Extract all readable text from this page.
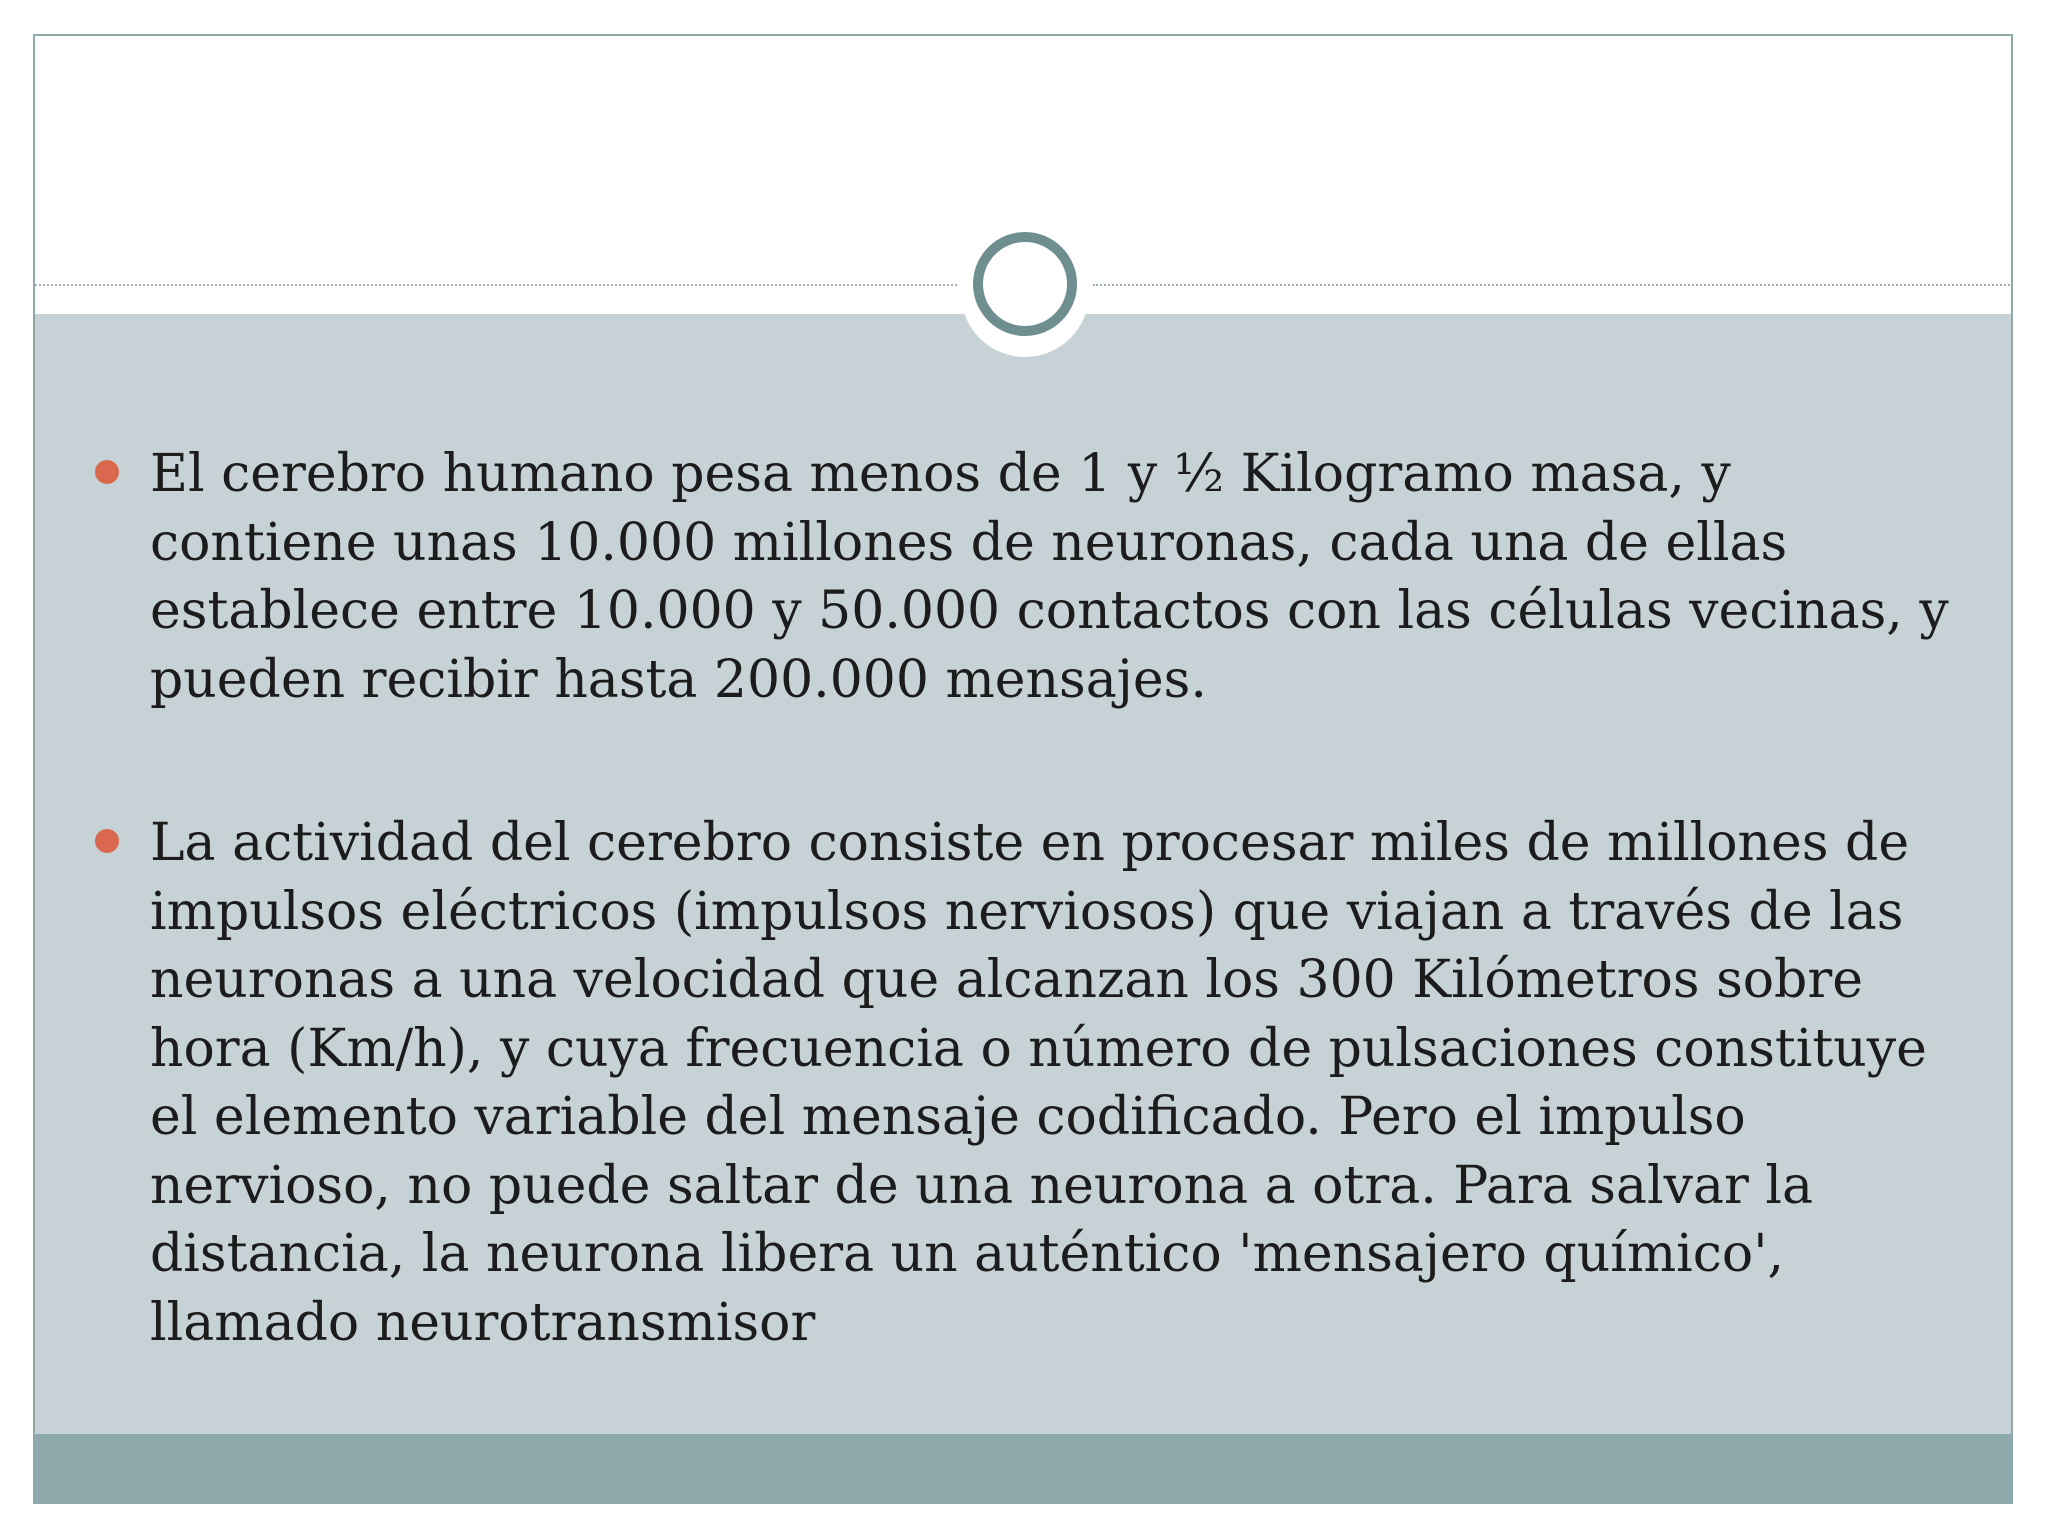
El cerebro humano pesa menos de 1 y ½ Kilogramo masa, y contiene unas 10.000 millones de neuronas, cada una de ellas establece entre 10.000 y 50.000 contactos con las células vecinas, y pueden recibir hasta 200.000 mensajes.

La actividad del cerebro consiste en procesar miles de millones de impulsos eléctricos (impulsos nerviosos) que viajan a través de las neuronas a una velocidad que alcanzan los 300 Kilómetros sobre hora (Km/h), y cuya frecuencia o número de pulsaciones constituye el elemento variable del mensaje codificado. Pero el impulso nervioso, no puede saltar de una neurona a otra. Para salvar la distancia, la neurona libera un auténtico 'mensajero químico', llamado neurotransmisor
